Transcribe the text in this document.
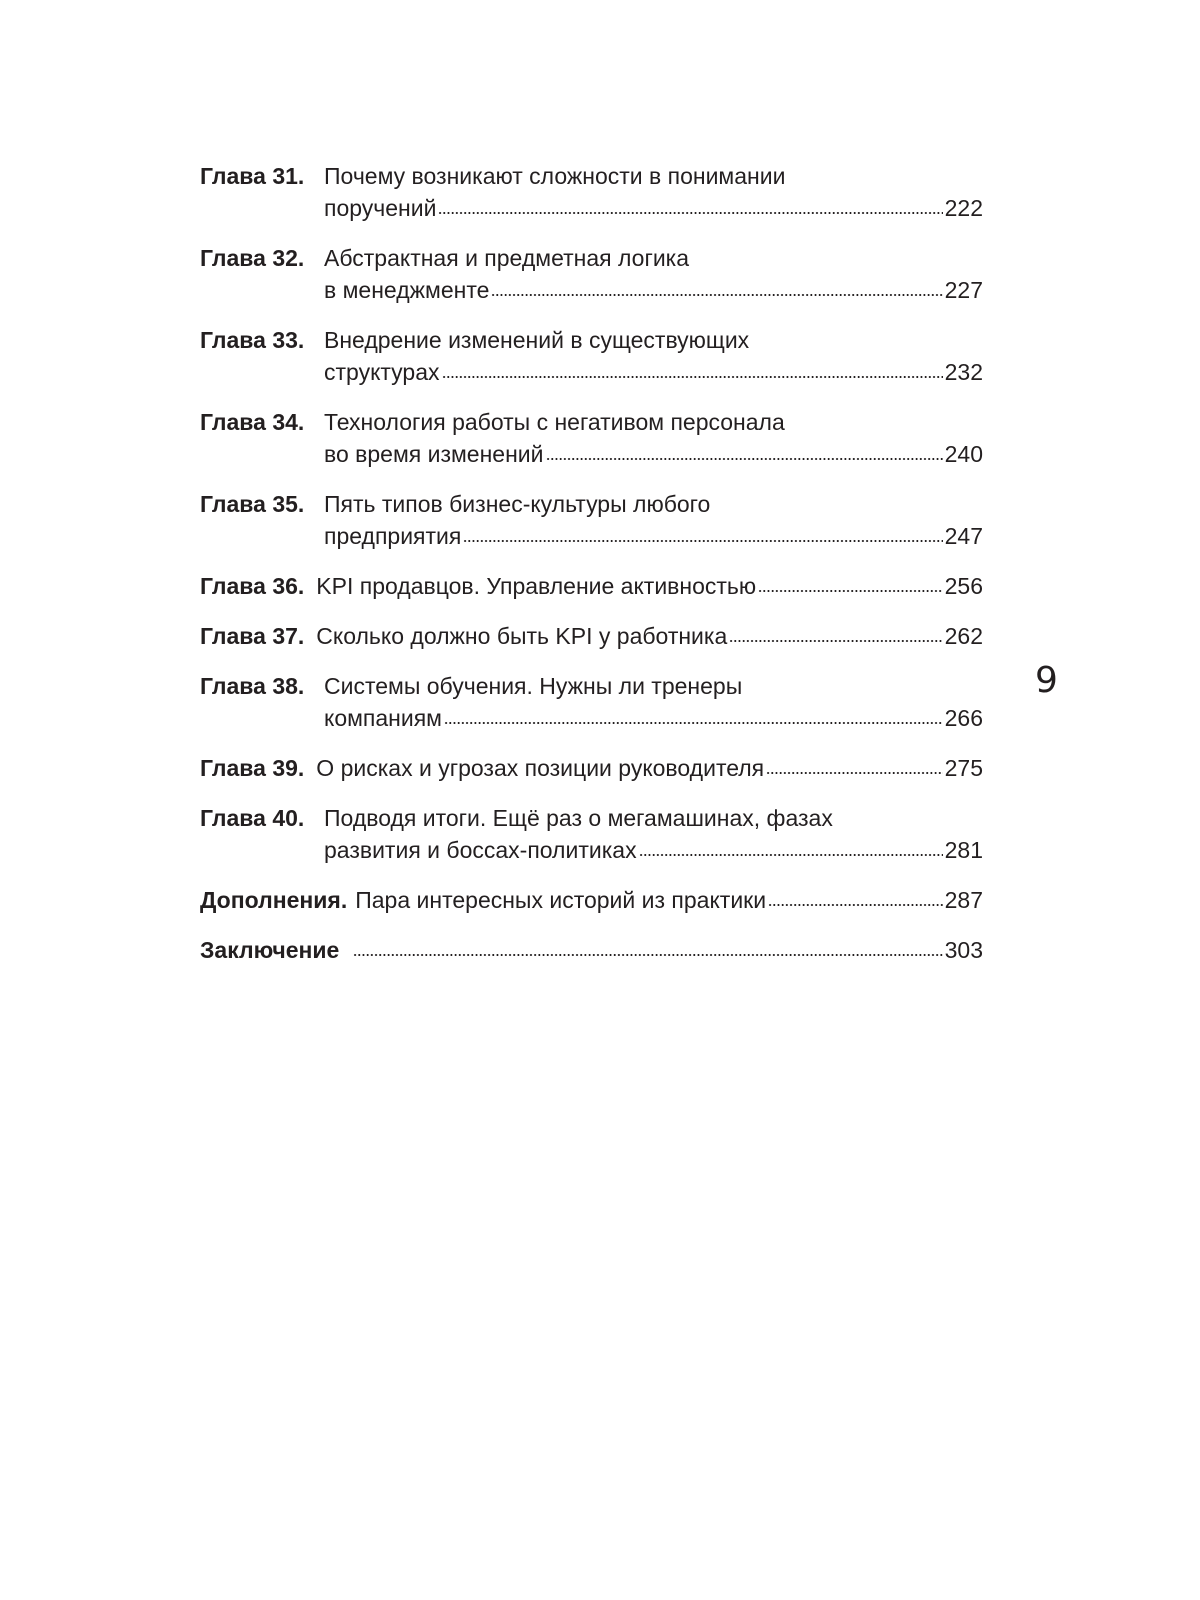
Глава 31. Почему возникают сложности в понимании
поручений	222
Глава 32. Абстрактная и предметная логика
в менеджменте	227
Глава 33. Внедрение изменений в существующих
структурах	232
Глава 34. Технология работы с негативом персонала
во время изменений	240
Глава 35. Пять типов бизнес-культуры любого
предприятия	247
Глава 36. KPI продавцов. Управление активностью	256
Глава 37. Сколько должно быть KPI у работника	262
Глава 38. Системы обучения. Нужны ли тренеры
компаниям	266
Глава 39. О рисках и угрозах позиции руководителя	275
Глава 40. Подводя итоги. Ещё раз о мегамашинах, фазах
развития и боссах-политиках	281
Дополнения. Пара интересных историй из практики	287
Заключение	303
9
